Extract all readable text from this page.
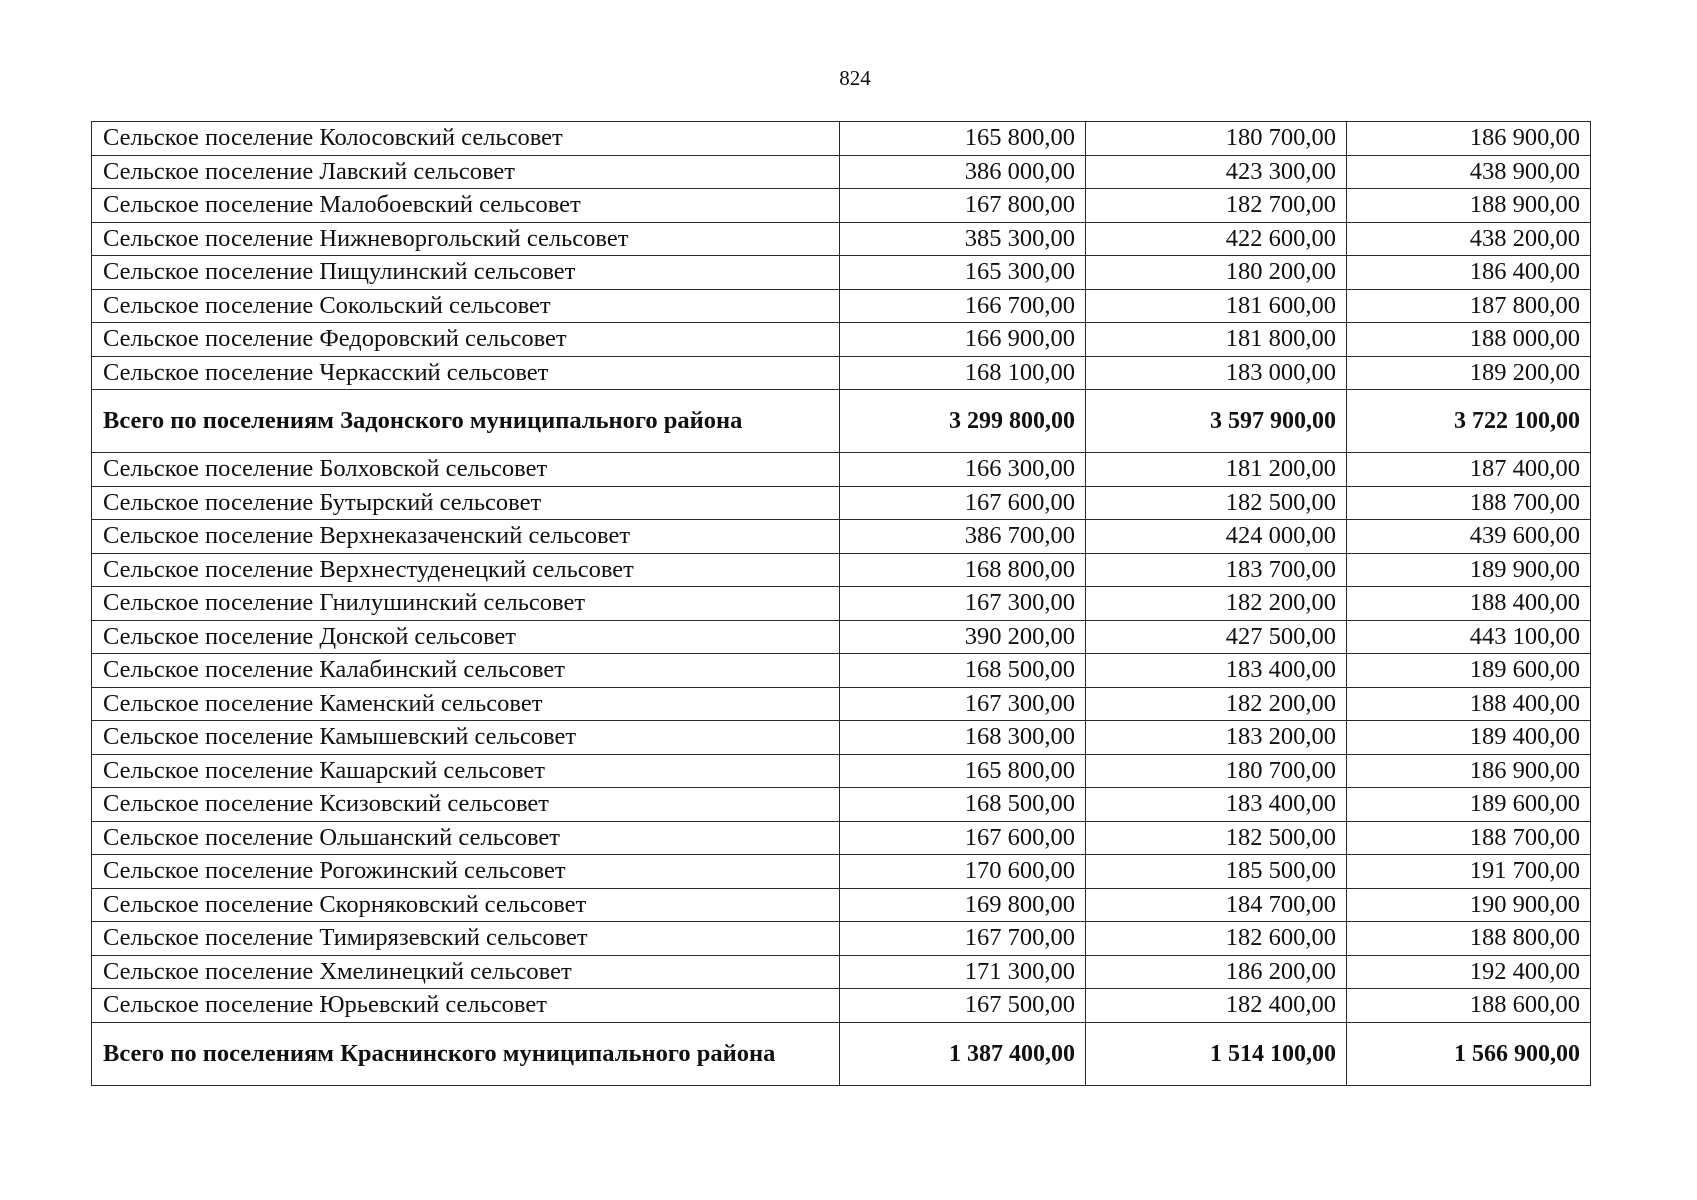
824
Сельское поселение Колосовский сельсовет	165 800,00	180 700,00	186 900,00
Сельское поселение Лавский сельсовет	386 000,00	423 300,00	438 900,00
Сельское поселение Малобоевский сельсовет	167 800,00	182 700,00	188 900,00
Сельское поселение Нижневоргольский сельсовет	385 300,00	422 600,00	438 200,00
Сельское поселение Пищулинский сельсовет	165 300,00	180 200,00	186 400,00
Сельское поселение Сокольский сельсовет	166 700,00	181 600,00	187 800,00
Сельское поселение Федоровский сельсовет	166 900,00	181 800,00	188 000,00
Сельское поселение Черкасский сельсовет	168 100,00	183 000,00	189 200,00
Всего по поселениям Задонского муниципального района	3 299 800,00	3 597 900,00	3 722 100,00
Сельское поселение Болховской сельсовет	166 300,00	181 200,00	187 400,00
Сельское поселение Бутырский сельсовет	167 600,00	182 500,00	188 700,00
Сельское поселение Верхнеказаченский сельсовет	386 700,00	424 000,00	439 600,00
Сельское поселение Верхнестуденецкий сельсовет	168 800,00	183 700,00	189 900,00
Сельское поселение Гнилушинский сельсовет	167 300,00	182 200,00	188 400,00
Сельское поселение Донской сельсовет	390 200,00	427 500,00	443 100,00
Сельское поселение Калабинский сельсовет	168 500,00	183 400,00	189 600,00
Сельское поселение Каменский сельсовет	167 300,00	182 200,00	188 400,00
Сельское поселение Камышевский сельсовет	168 300,00	183 200,00	189 400,00
Сельское поселение Кашарский сельсовет	165 800,00	180 700,00	186 900,00
Сельское поселение Ксизовский сельсовет	168 500,00	183 400,00	189 600,00
Сельское поселение Ольшанский сельсовет	167 600,00	182 500,00	188 700,00
Сельское поселение Рогожинский сельсовет	170 600,00	185 500,00	191 700,00
Сельское поселение Скорняковский сельсовет	169 800,00	184 700,00	190 900,00
Сельское поселение Тимирязевский сельсовет	167 700,00	182 600,00	188 800,00
Сельское поселение Хмелинецкий сельсовет	171 300,00	186 200,00	192 400,00
Сельское поселение Юрьевский сельсовет	167 500,00	182 400,00	188 600,00
Всего по поселениям Краснинского муниципального района	1 387 400,00	1 514 100,00	1 566 900,00
